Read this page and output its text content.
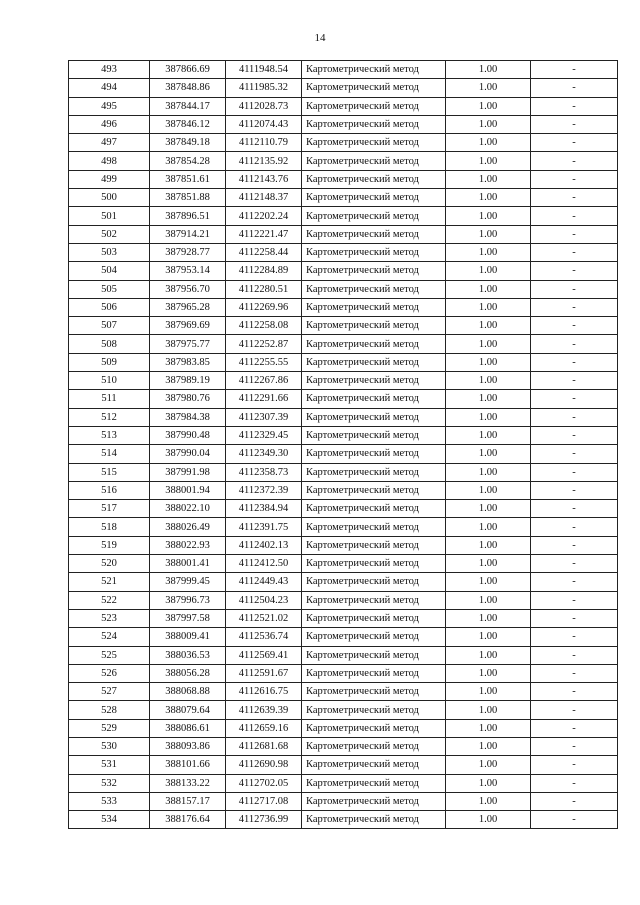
14
493	387866.69	4111948.54	Картометрический метод	1.00	-
494	387848.86	4111985.32	Картометрический метод	1.00	-
495	387844.17	4112028.73	Картометрический метод	1.00	-
496	387846.12	4112074.43	Картометрический метод	1.00	-
497	387849.18	4112110.79	Картометрический метод	1.00	-
498	387854.28	4112135.92	Картометрический метод	1.00	-
499	387851.61	4112143.76	Картометрический метод	1.00	-
500	387851.88	4112148.37	Картометрический метод	1.00	-
501	387896.51	4112202.24	Картометрический метод	1.00	-
502	387914.21	4112221.47	Картометрический метод	1.00	-
503	387928.77	4112258.44	Картометрический метод	1.00	-
504	387953.14	4112284.89	Картометрический метод	1.00	-
505	387956.70	4112280.51	Картометрический метод	1.00	-
506	387965.28	4112269.96	Картометрический метод	1.00	-
507	387969.69	4112258.08	Картометрический метод	1.00	-
508	387975.77	4112252.87	Картометрический метод	1.00	-
509	387983.85	4112255.55	Картометрический метод	1.00	-
510	387989.19	4112267.86	Картометрический метод	1.00	-
511	387980.76	4112291.66	Картометрический метод	1.00	-
512	387984.38	4112307.39	Картометрический метод	1.00	-
513	387990.48	4112329.45	Картометрический метод	1.00	-
514	387990.04	4112349.30	Картометрический метод	1.00	-
515	387991.98	4112358.73	Картометрический метод	1.00	-
516	388001.94	4112372.39	Картометрический метод	1.00	-
517	388022.10	4112384.94	Картометрический метод	1.00	-
518	388026.49	4112391.75	Картометрический метод	1.00	-
519	388022.93	4112402.13	Картометрический метод	1.00	-
520	388001.41	4112412.50	Картометрический метод	1.00	-
521	387999.45	4112449.43	Картометрический метод	1.00	-
522	387996.73	4112504.23	Картометрический метод	1.00	-
523	387997.58	4112521.02	Картометрический метод	1.00	-
524	388009.41	4112536.74	Картометрический метод	1.00	-
525	388036.53	4112569.41	Картометрический метод	1.00	-
526	388056.28	4112591.67	Картометрический метод	1.00	-
527	388068.88	4112616.75	Картометрический метод	1.00	-
528	388079.64	4112639.39	Картометрический метод	1.00	-
529	388086.61	4112659.16	Картометрический метод	1.00	-
530	388093.86	4112681.68	Картометрический метод	1.00	-
531	388101.66	4112690.98	Картометрический метод	1.00	-
532	388133.22	4112702.05	Картометрический метод	1.00	-
533	388157.17	4112717.08	Картометрический метод	1.00	-
534	388176.64	4112736.99	Картометрический метод	1.00	-
